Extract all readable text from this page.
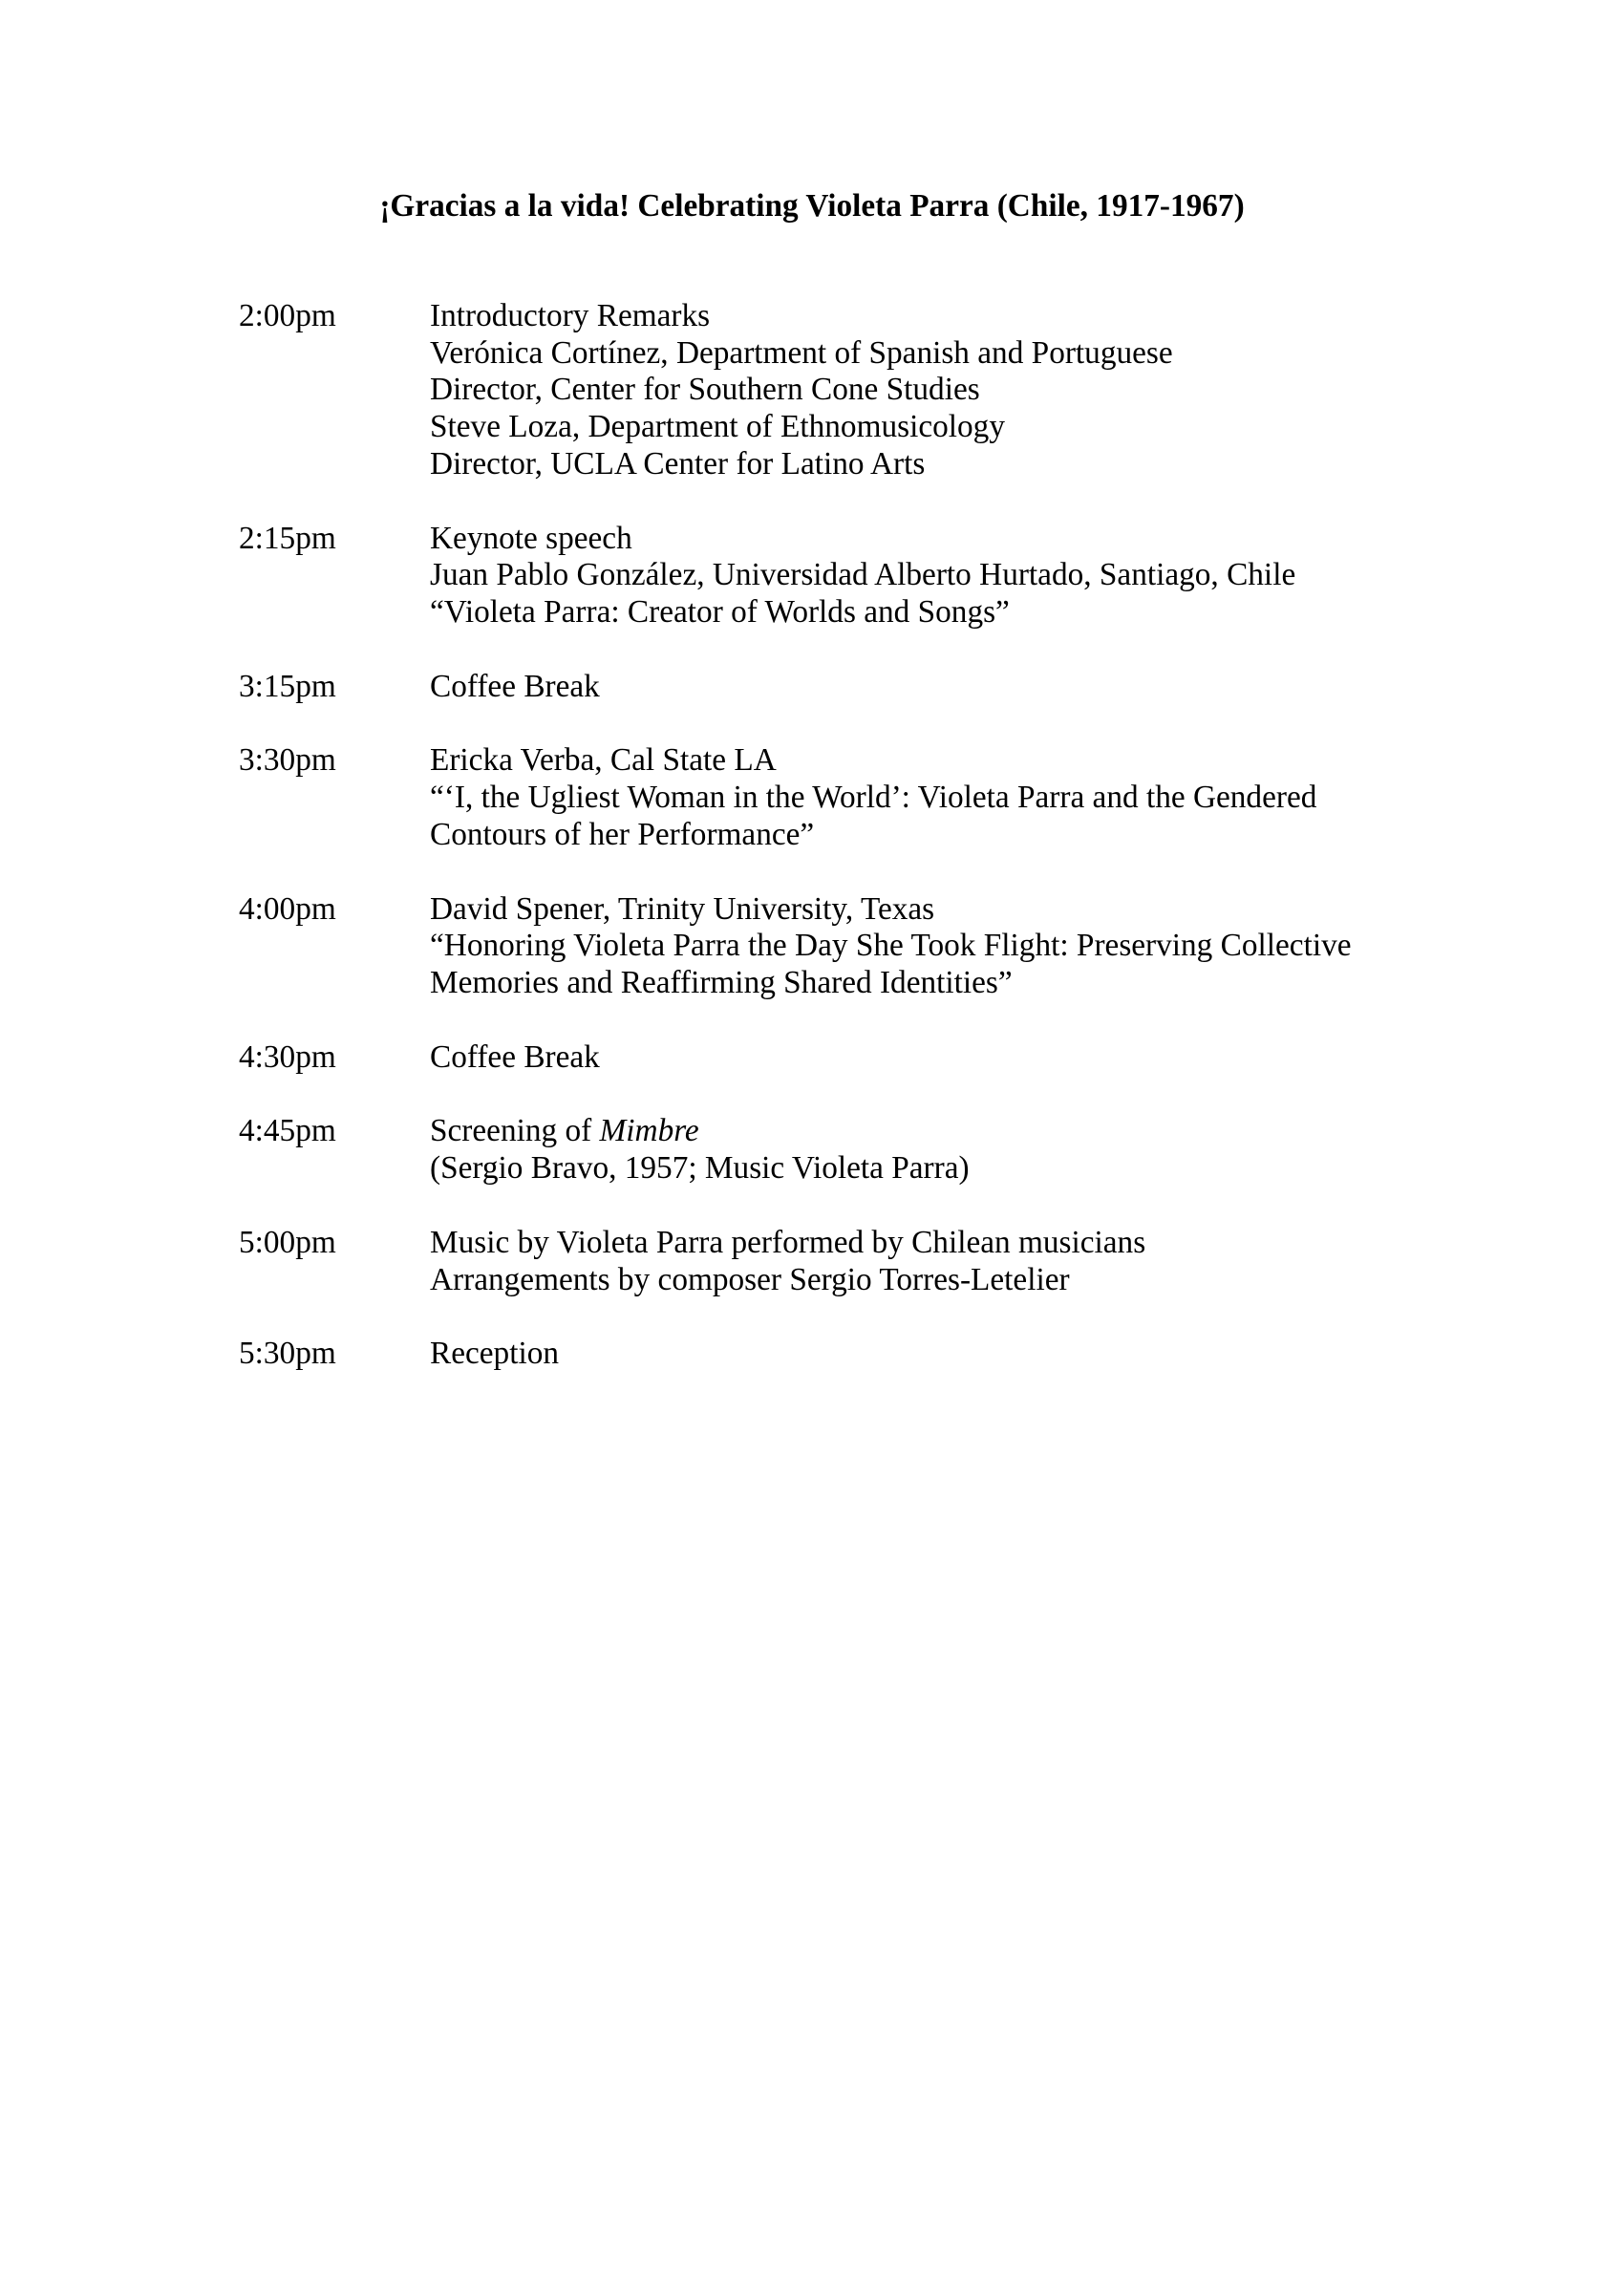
¡Gracias a la vida! Celebrating Violeta Parra (Chile, 1917-1967)
2:00pm	Introductory Remarks
Verónica Cortínez, Department of Spanish and Portuguese
Director, Center for Southern Cone Studies
Steve Loza, Department of Ethnomusicology
Director, UCLA Center for Latino Arts
2:15pm	Keynote speech
Juan Pablo González, Universidad Alberto Hurtado, Santiago, Chile
“Violeta Parra: Creator of Worlds and Songs”
3:15pm	Coffee Break
3:30pm	Ericka Verba, Cal State LA
“‘I, the Ugliest Woman in the World’: Violeta Parra and the Gendered
Contours of her Performance”
4:00pm	David Spener, Trinity University, Texas
“Honoring Violeta Parra the Day She Took Flight: Preserving Collective
Memories and Reaffirming Shared Identities”
4:30pm	Coffee Break
4:45pm	Screening of Mimbre
(Sergio Bravo, 1957; Music Violeta Parra)
5:00pm	Music by Violeta Parra performed by Chilean musicians
Arrangements by composer Sergio Torres-Letelier
5:30pm	Reception
